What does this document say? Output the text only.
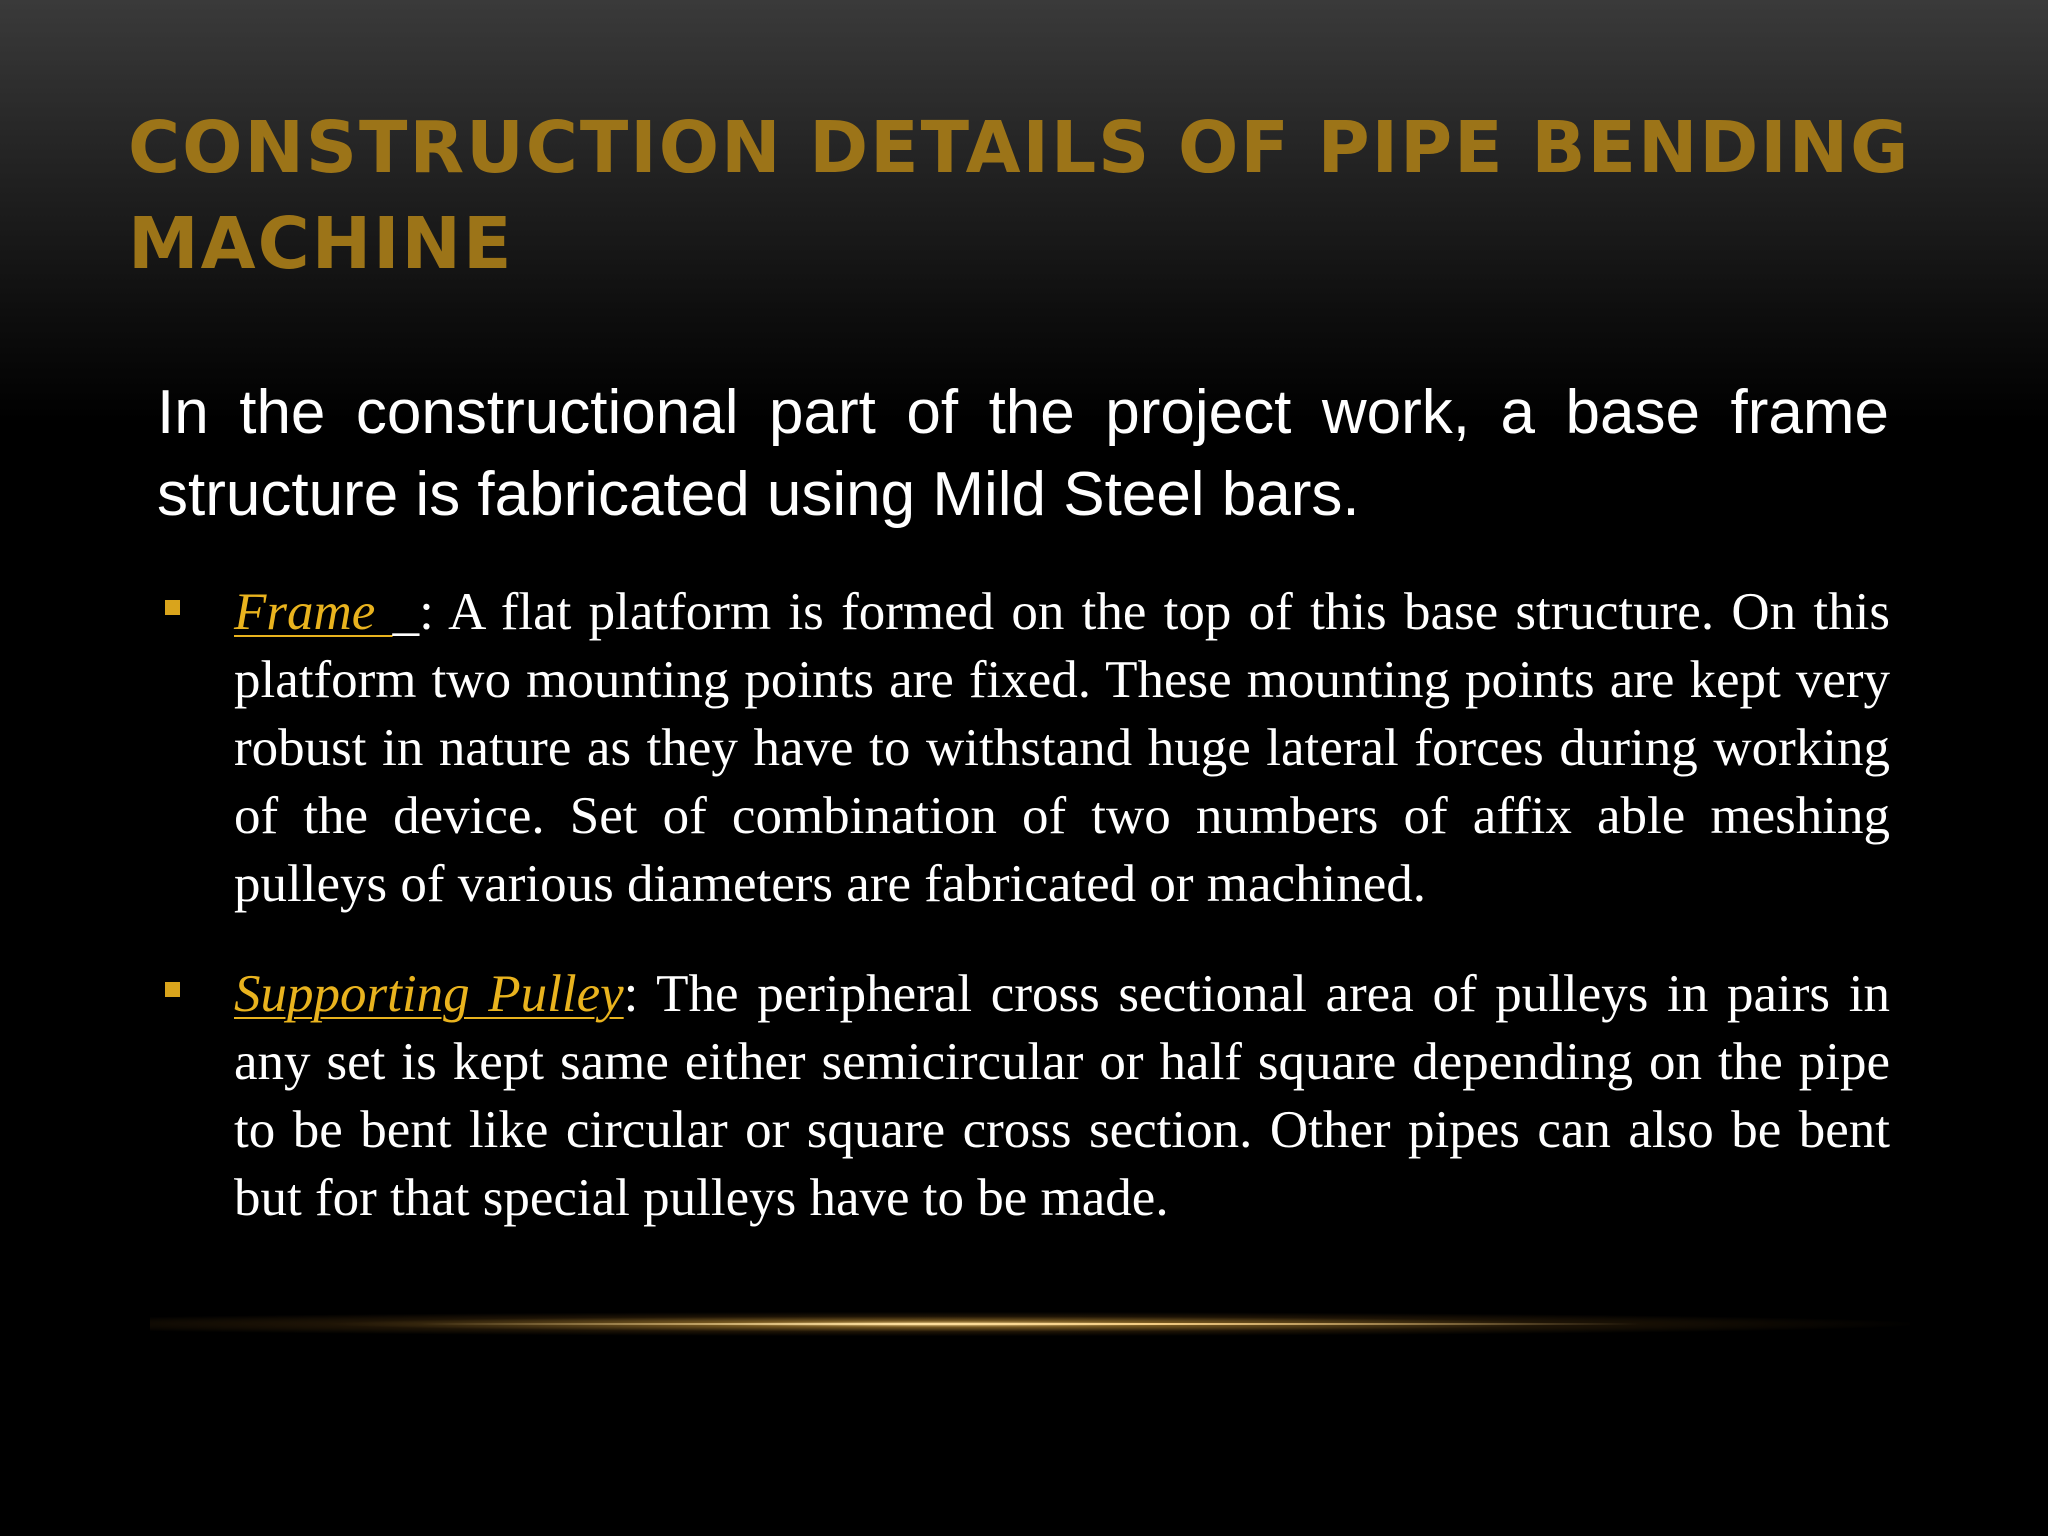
CONSTRUCTION DETAILS OF PIPE BENDING MACHINE

In the constructional part of the project work, a base frame structure is fabricated using Mild Steel bars.

Frame _: A flat platform is formed on the top of this base structure. On this platform two mounting points are fixed. These mounting points are kept very robust in nature as they have to withstand huge lateral forces during working of the device. Set of combination of two numbers of affix able meshing pulleys of various diameters are fabricated or machined.
Supporting Pulley: The peripheral cross sectional area of pulleys in pairs in any set is kept same either semicircular or half square depending on the pipe to be bent like circular or square cross section. Other pipes can also be bent but for that special pulleys have to be made.
